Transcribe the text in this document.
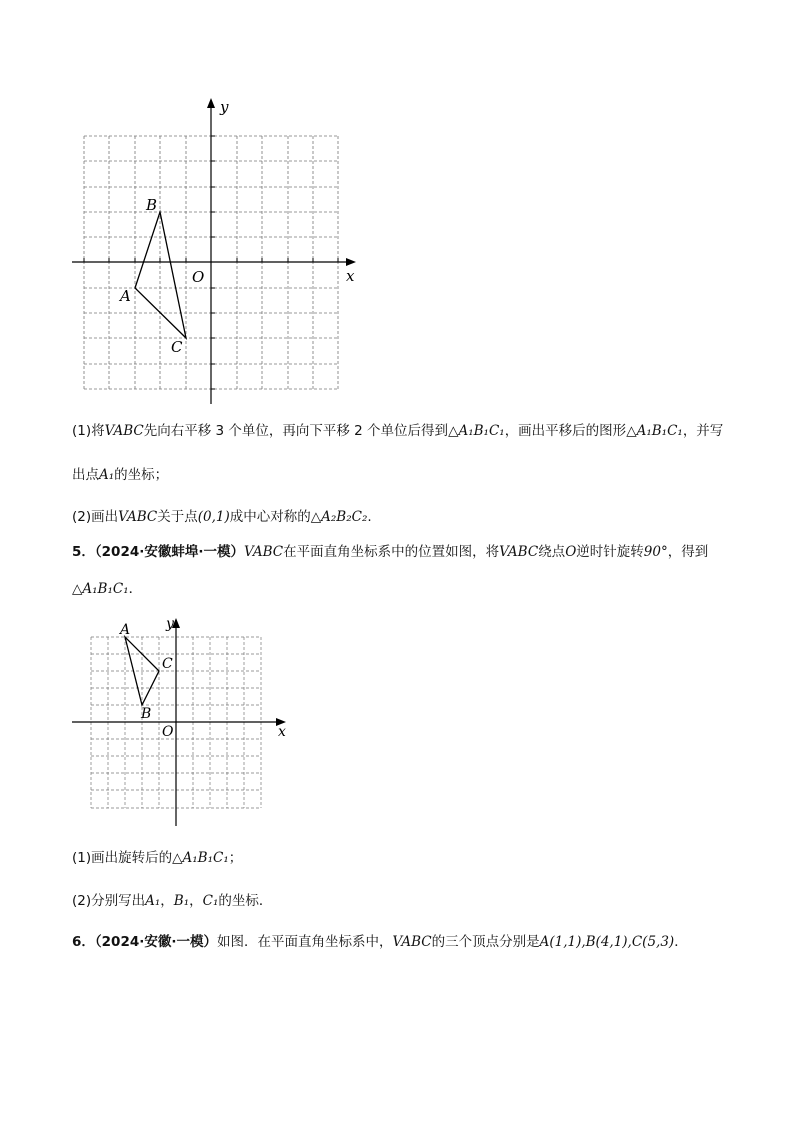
y
x
O
A
B
C
(1)将VABC先向右平移 3 个单位，再向下平移 2 个单位后得到△A₁B₁C₁，画出平移后的图形△A₁B₁C₁，并写
出点A₁的坐标；
(2)画出VABC关于点(0,1)成中心对称的△A₂B₂C₂.
5．（2024·安徽蚌埠·一模）VABC在平面直角坐标系中的位置如图，将VABC绕点O逆时针旋转90°，得到
△A₁B₁C₁．
y
x
O
A
B
C
(1)画出旋转后的△A₁B₁C₁；
(2)分别写出A₁，B₁，C₁的坐标．
6．（2024·安徽·一模）如图．在平面直角坐标系中，VABC的三个顶点分别是A(1,1),B(4,1),C(5,3)．
